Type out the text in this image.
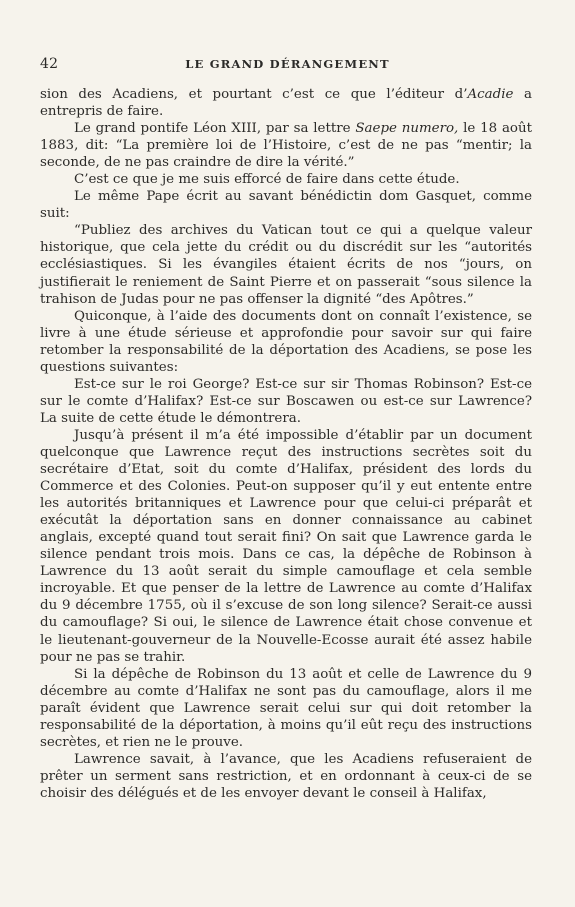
42	LE GRAND DÉRANGEMENT

sion des Acadiens, et pourtant c’est ce que l’éditeur d’Acadie a entrepris de faire.

Le grand pontife Léon XIII, par sa lettre Saepe numero, le 18 août 1883, dit: “La première loi de l’Histoire, c’est de ne pas “mentir; la seconde, de ne pas craindre de dire la vérité.”

C’est ce que je me suis efforcé de faire dans cette étude.

Le même Pape écrit au savant bénédictin dom Gasquet, comme suit:

“Publiez des archives du Vatican tout ce qui a quelque valeur historique, que cela jette du crédit ou du discrédit sur les “autorités ecclésiastiques. Si les évangiles étaient écrits de nos “jours, on justifierait le reniement de Saint Pierre et on passerait “sous silence la trahison de Judas pour ne pas offenser la dignité “des Apôtres.”

Quiconque, à l’aide des documents dont on connaît l’existence, se livre à une étude sérieuse et approfondie pour savoir sur qui faire retomber la responsabilité de la déportation des Acadiens, se pose les questions suivantes:

Est-ce sur le roi George? Est-ce sur sir Thomas Robinson? Est-ce sur le comte d’Halifax? Est-ce sur Boscawen ou est-ce sur Lawrence? La suite de cette étude le démontrera.

Jusqu’à présent il m’a été impossible d’établir par un document quelconque que Lawrence reçut des instructions secrètes soit du secrétaire d’Etat, soit du comte d’Halifax, président des lords du Commerce et des Colonies. Peut-on supposer qu’il y eut entente entre les autorités britanniques et Lawrence pour que celui-ci préparât et exécutât la déportation sans en donner connaissance au cabinet anglais, excepté quand tout serait fini? On sait que Lawrence garda le silence pendant trois mois. Dans ce cas, la dépêche de Robinson à Lawrence du 13 août serait du simple camouflage et cela semble incroyable. Et que penser de la lettre de Lawrence au comte d’Halifax du 9 décembre 1755, où il s’excuse de son long silence? Serait-ce aussi du camouflage? Si oui, le silence de Lawrence était chose convenue et le lieutenant-gouverneur de la Nouvelle-Ecosse aurait été assez habile pour ne pas se trahir.

Si la dépêche de Robinson du 13 août et celle de Lawrence du 9 décembre au comte d’Halifax ne sont pas du camouflage, alors il me paraît évident que Lawrence serait celui sur qui doit retomber la responsabilité de la déportation, à moins qu’il eût reçu des instructions secrètes, et rien ne le prouve.

Lawrence savait, à l’avance, que les Acadiens refuseraient de prêter un serment sans restriction, et en ordonnant à ceux-ci de se choisir des délégués et de les envoyer devant le conseil à Halifax,
